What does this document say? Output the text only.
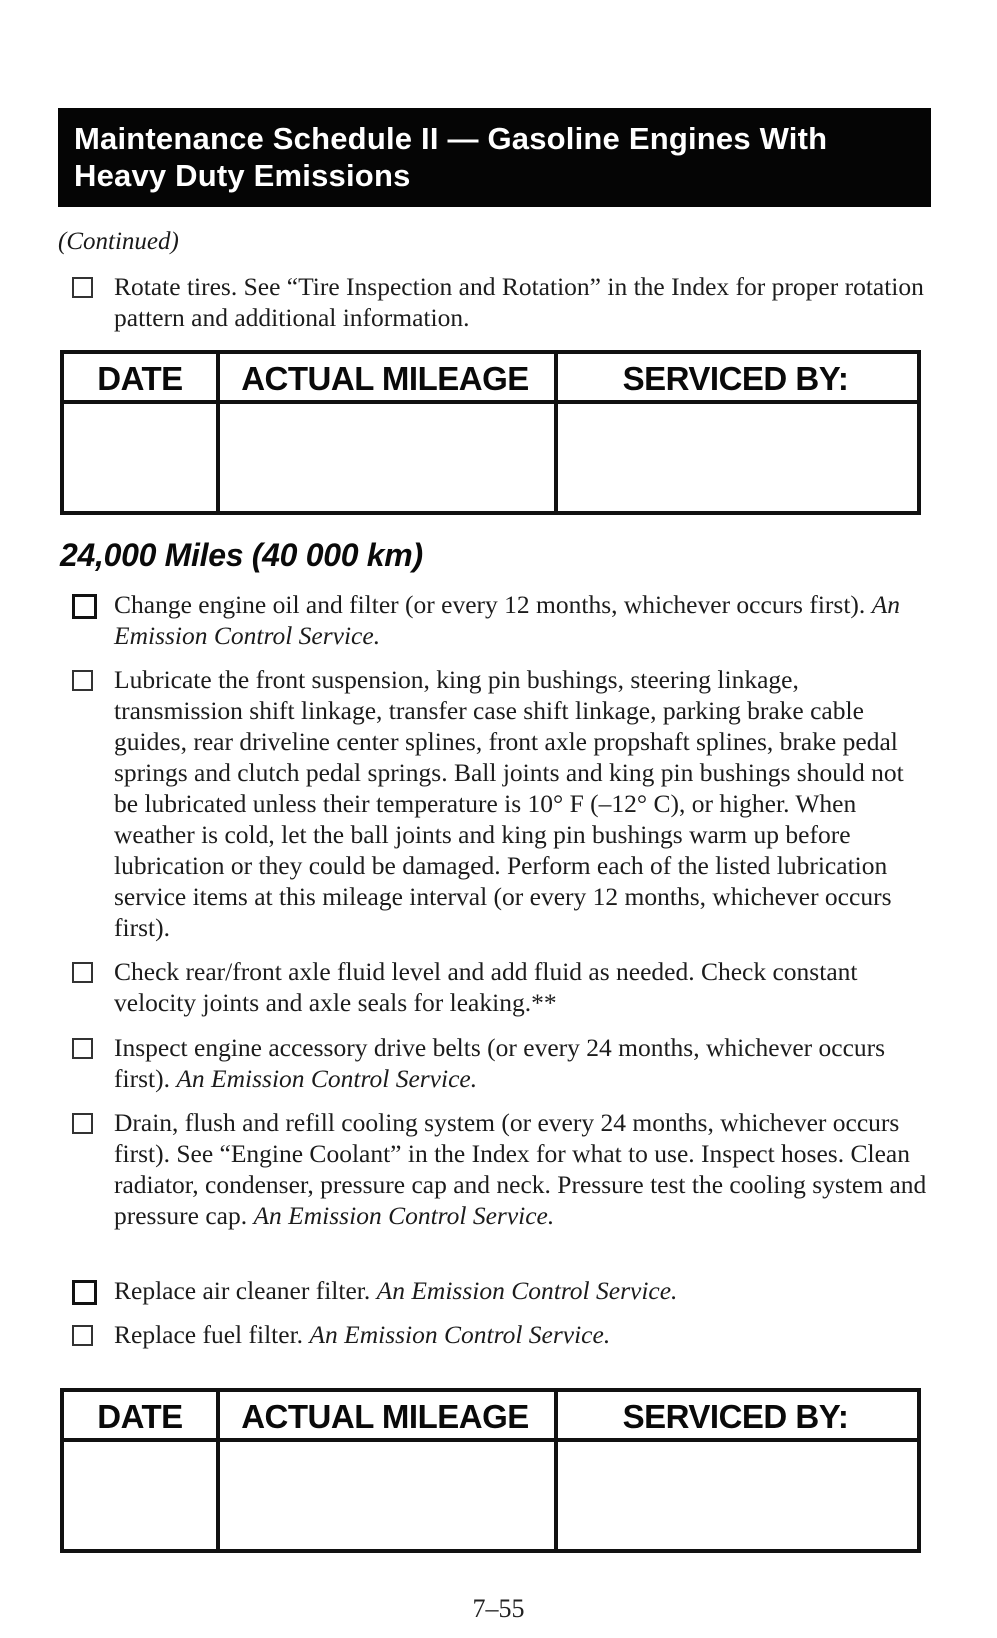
Maintenance Schedule II — Gasoline Engines With
Heavy Duty Emissions
(Continued)
Rotate tires. See “Tire Inspection and Rotation” in the Index for proper rotation pattern and additional information.
DATE	ACTUAL MILEAGE	SERVICED BY:
24,000 Miles (40 000 km)
Change engine oil and filter (or every 12 months, whichever occurs first). An Emission Control Service.
Lubricate the front suspension, king pin bushings, steering linkage, transmission shift linkage, transfer case shift linkage, parking brake cable guides, rear driveline center splines, front axle propshaft splines, brake pedal springs and clutch pedal springs. Ball joints and king pin bushings should not be lubricated unless their temperature is 10° F (–12° C), or higher. When weather is cold, let the ball joints and king pin bushings warm up before lubrication or they could be damaged. Perform each of the listed lubrication service items at this mileage interval (or every 12 months, whichever occurs first).
Check rear/front axle fluid level and add fluid as needed. Check constant velocity joints and axle seals for leaking.**
Inspect engine accessory drive belts (or every 24 months, whichever occurs first). An Emission Control Service.
Drain, flush and refill cooling system (or every 24 months, whichever occurs first). See “Engine Coolant” in the Index for what to use. Inspect hoses. Clean radiator, condenser, pressure cap and neck. Pressure test the cooling system and pressure cap. An Emission Control Service.
Replace air cleaner filter. An Emission Control Service.
Replace fuel filter. An Emission Control Service.
DATE	ACTUAL MILEAGE	SERVICED BY:
7–55
